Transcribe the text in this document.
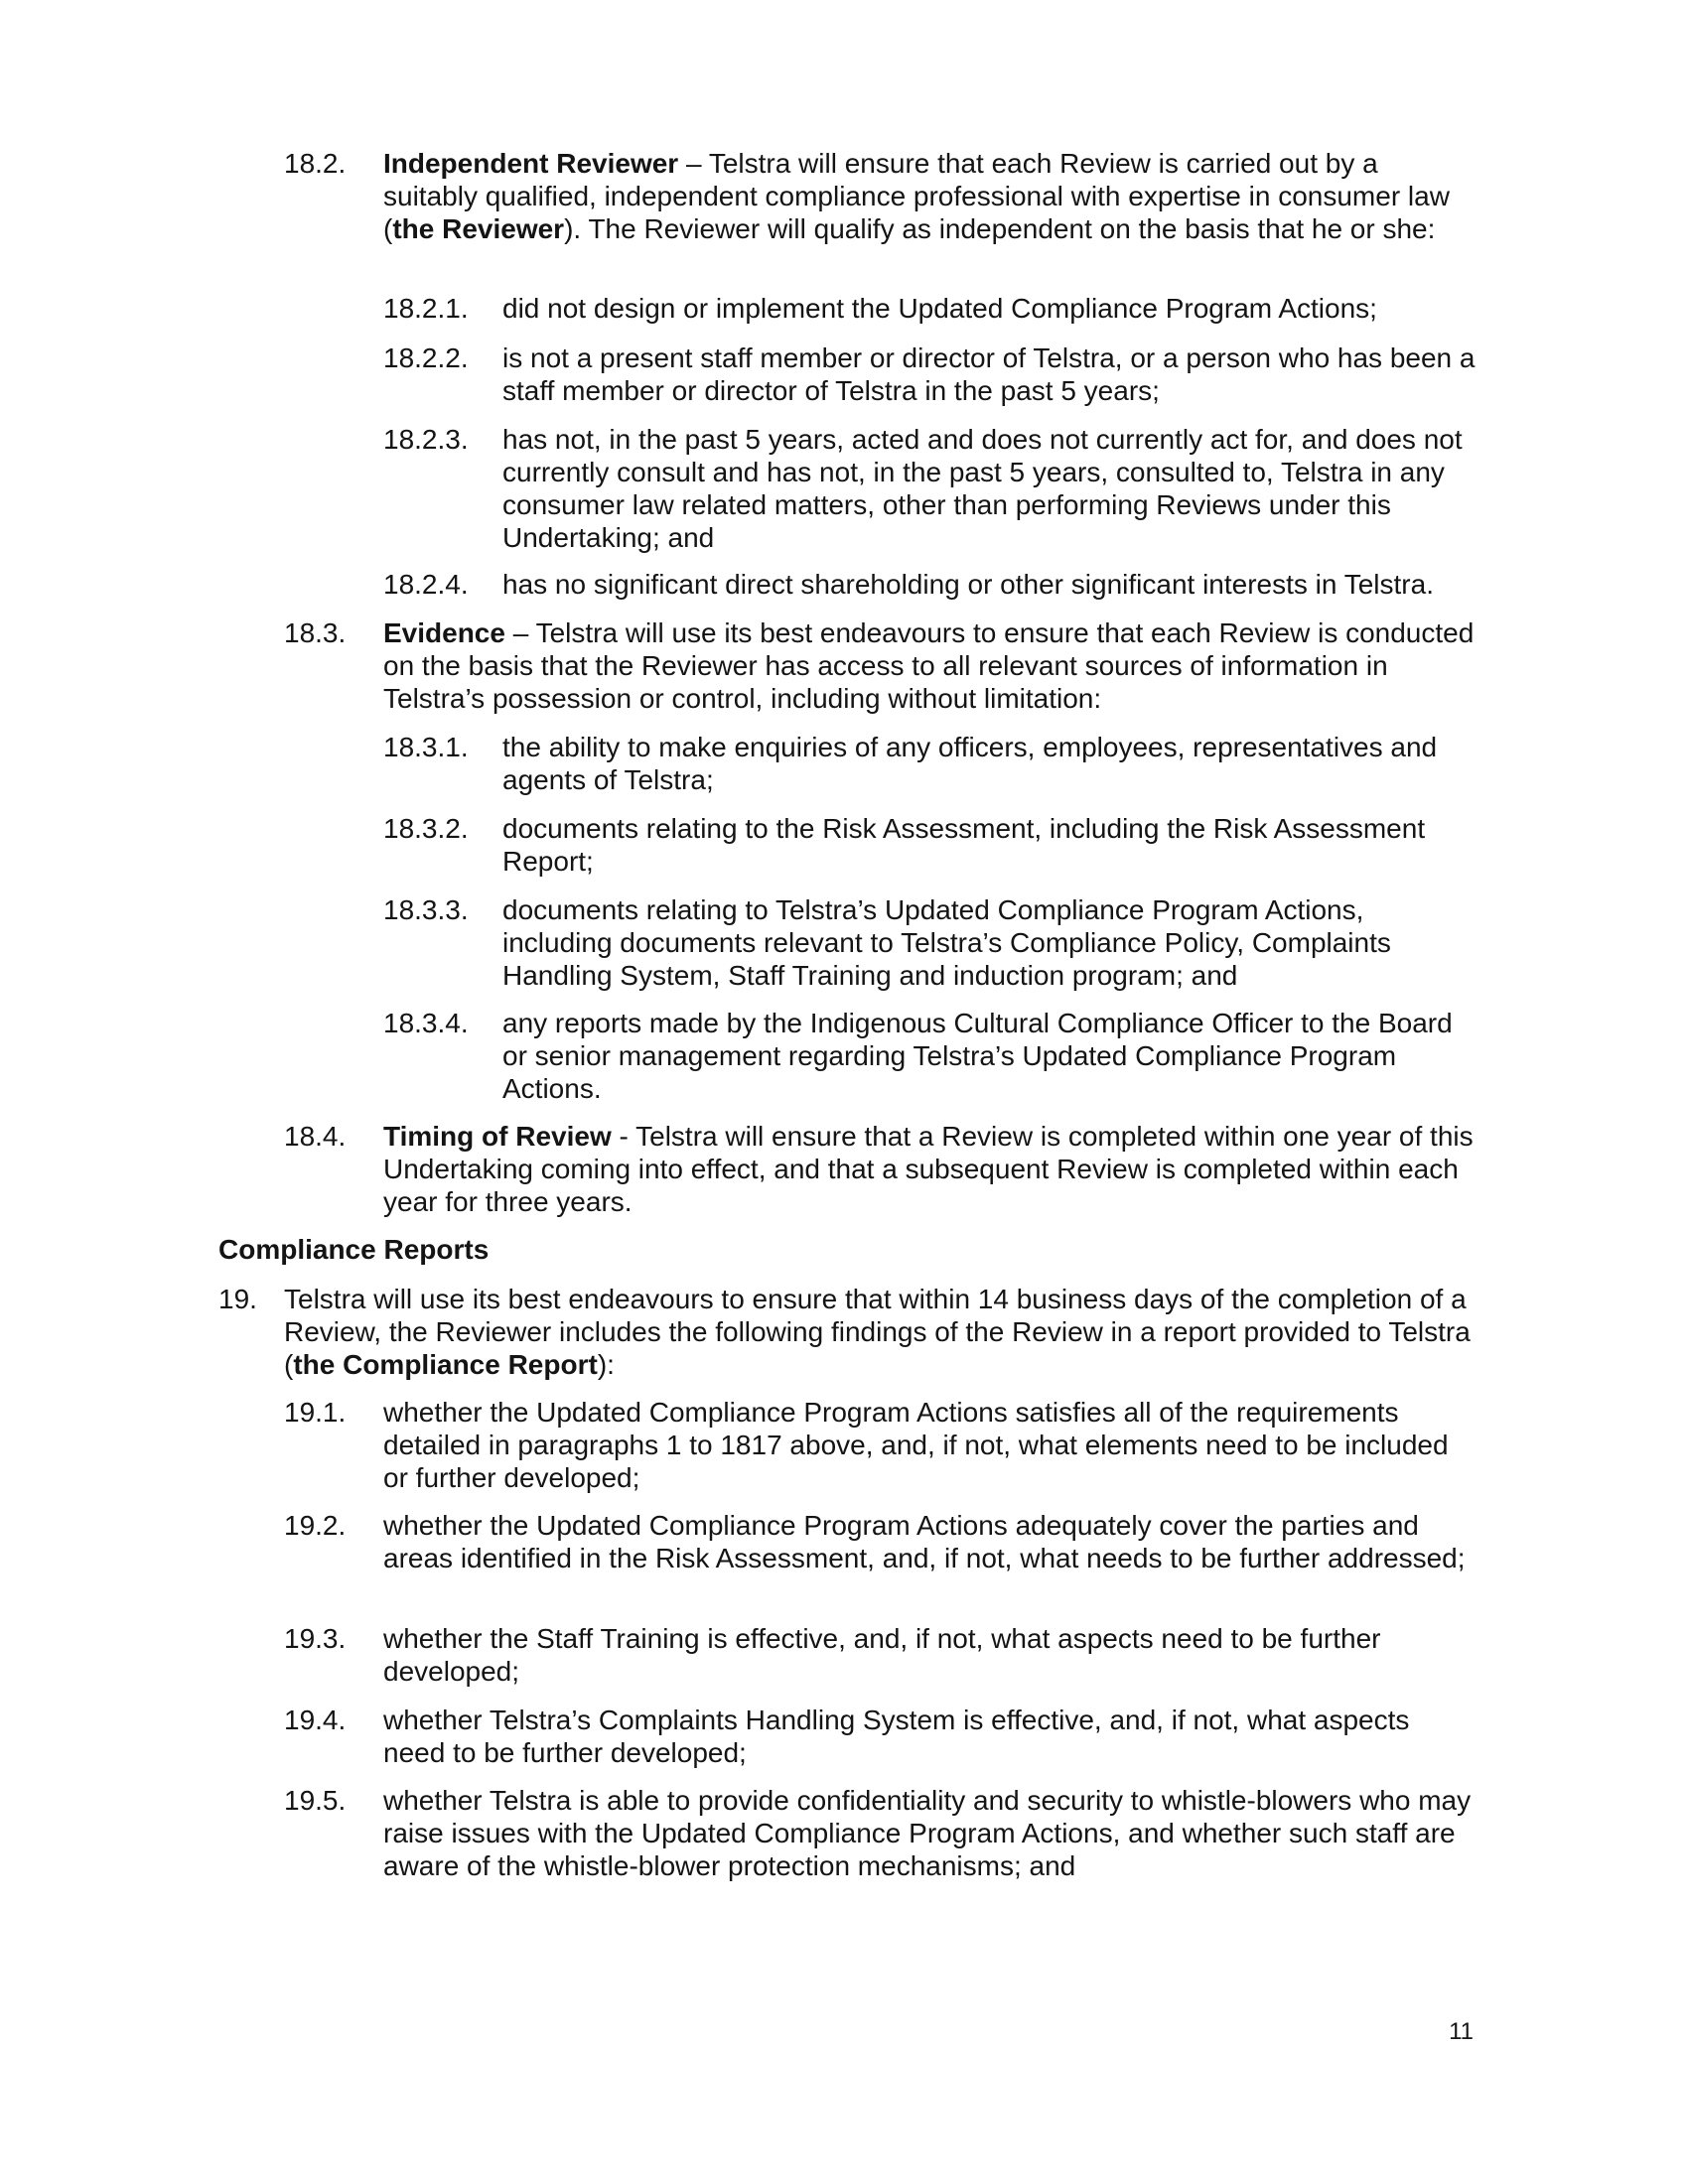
18.2. Independent Reviewer – Telstra will ensure that each Review is carried out by a suitably qualified, independent compliance professional with expertise in consumer law (the Reviewer). The Reviewer will qualify as independent on the basis that he or she:
18.2.1. did not design or implement the Updated Compliance Program Actions;
18.2.2. is not a present staff member or director of Telstra, or a person who has been a staff member or director of Telstra in the past 5 years;
18.2.3. has not, in the past 5 years, acted and does not currently act for, and does not currently consult and has not, in the past 5 years, consulted to, Telstra in any consumer law related matters, other than performing Reviews under this Undertaking; and
18.2.4. has no significant direct shareholding or other significant interests in Telstra.
18.3. Evidence – Telstra will use its best endeavours to ensure that each Review is conducted on the basis that the Reviewer has access to all relevant sources of information in Telstra’s possession or control, including without limitation:
18.3.1. the ability to make enquiries of any officers, employees, representatives and agents of Telstra;
18.3.2. documents relating to the Risk Assessment, including the Risk Assessment Report;
18.3.3. documents relating to Telstra’s Updated Compliance Program Actions, including documents relevant to Telstra’s Compliance Policy, Complaints Handling System, Staff Training and induction program; and
18.3.4. any reports made by the Indigenous Cultural Compliance Officer to the Board or senior management regarding Telstra’s Updated Compliance Program Actions.
18.4. Timing of Review - Telstra will ensure that a Review is completed within one year of this Undertaking coming into effect, and that a subsequent Review is completed within each year for three years.
Compliance Reports
19. Telstra will use its best endeavours to ensure that within 14 business days of the completion of a Review, the Reviewer includes the following findings of the Review in a report provided to Telstra (the Compliance Report):
19.1. whether the Updated Compliance Program Actions satisfies all of the requirements detailed in paragraphs 1 to 1817 above, and, if not, what elements need to be included or further developed;
19.2. whether the Updated Compliance Program Actions adequately cover the parties and areas identified in the Risk Assessment, and, if not, what needs to be further addressed;
19.3. whether the Staff Training is effective, and, if not, what aspects need to be further developed;
19.4. whether Telstra’s Complaints Handling System is effective, and, if not, what aspects need to be further developed;
19.5. whether Telstra is able to provide confidentiality and security to whistle-blowers who may raise issues with the Updated Compliance Program Actions, and whether such staff are aware of the whistle-blower protection mechanisms; and
11
